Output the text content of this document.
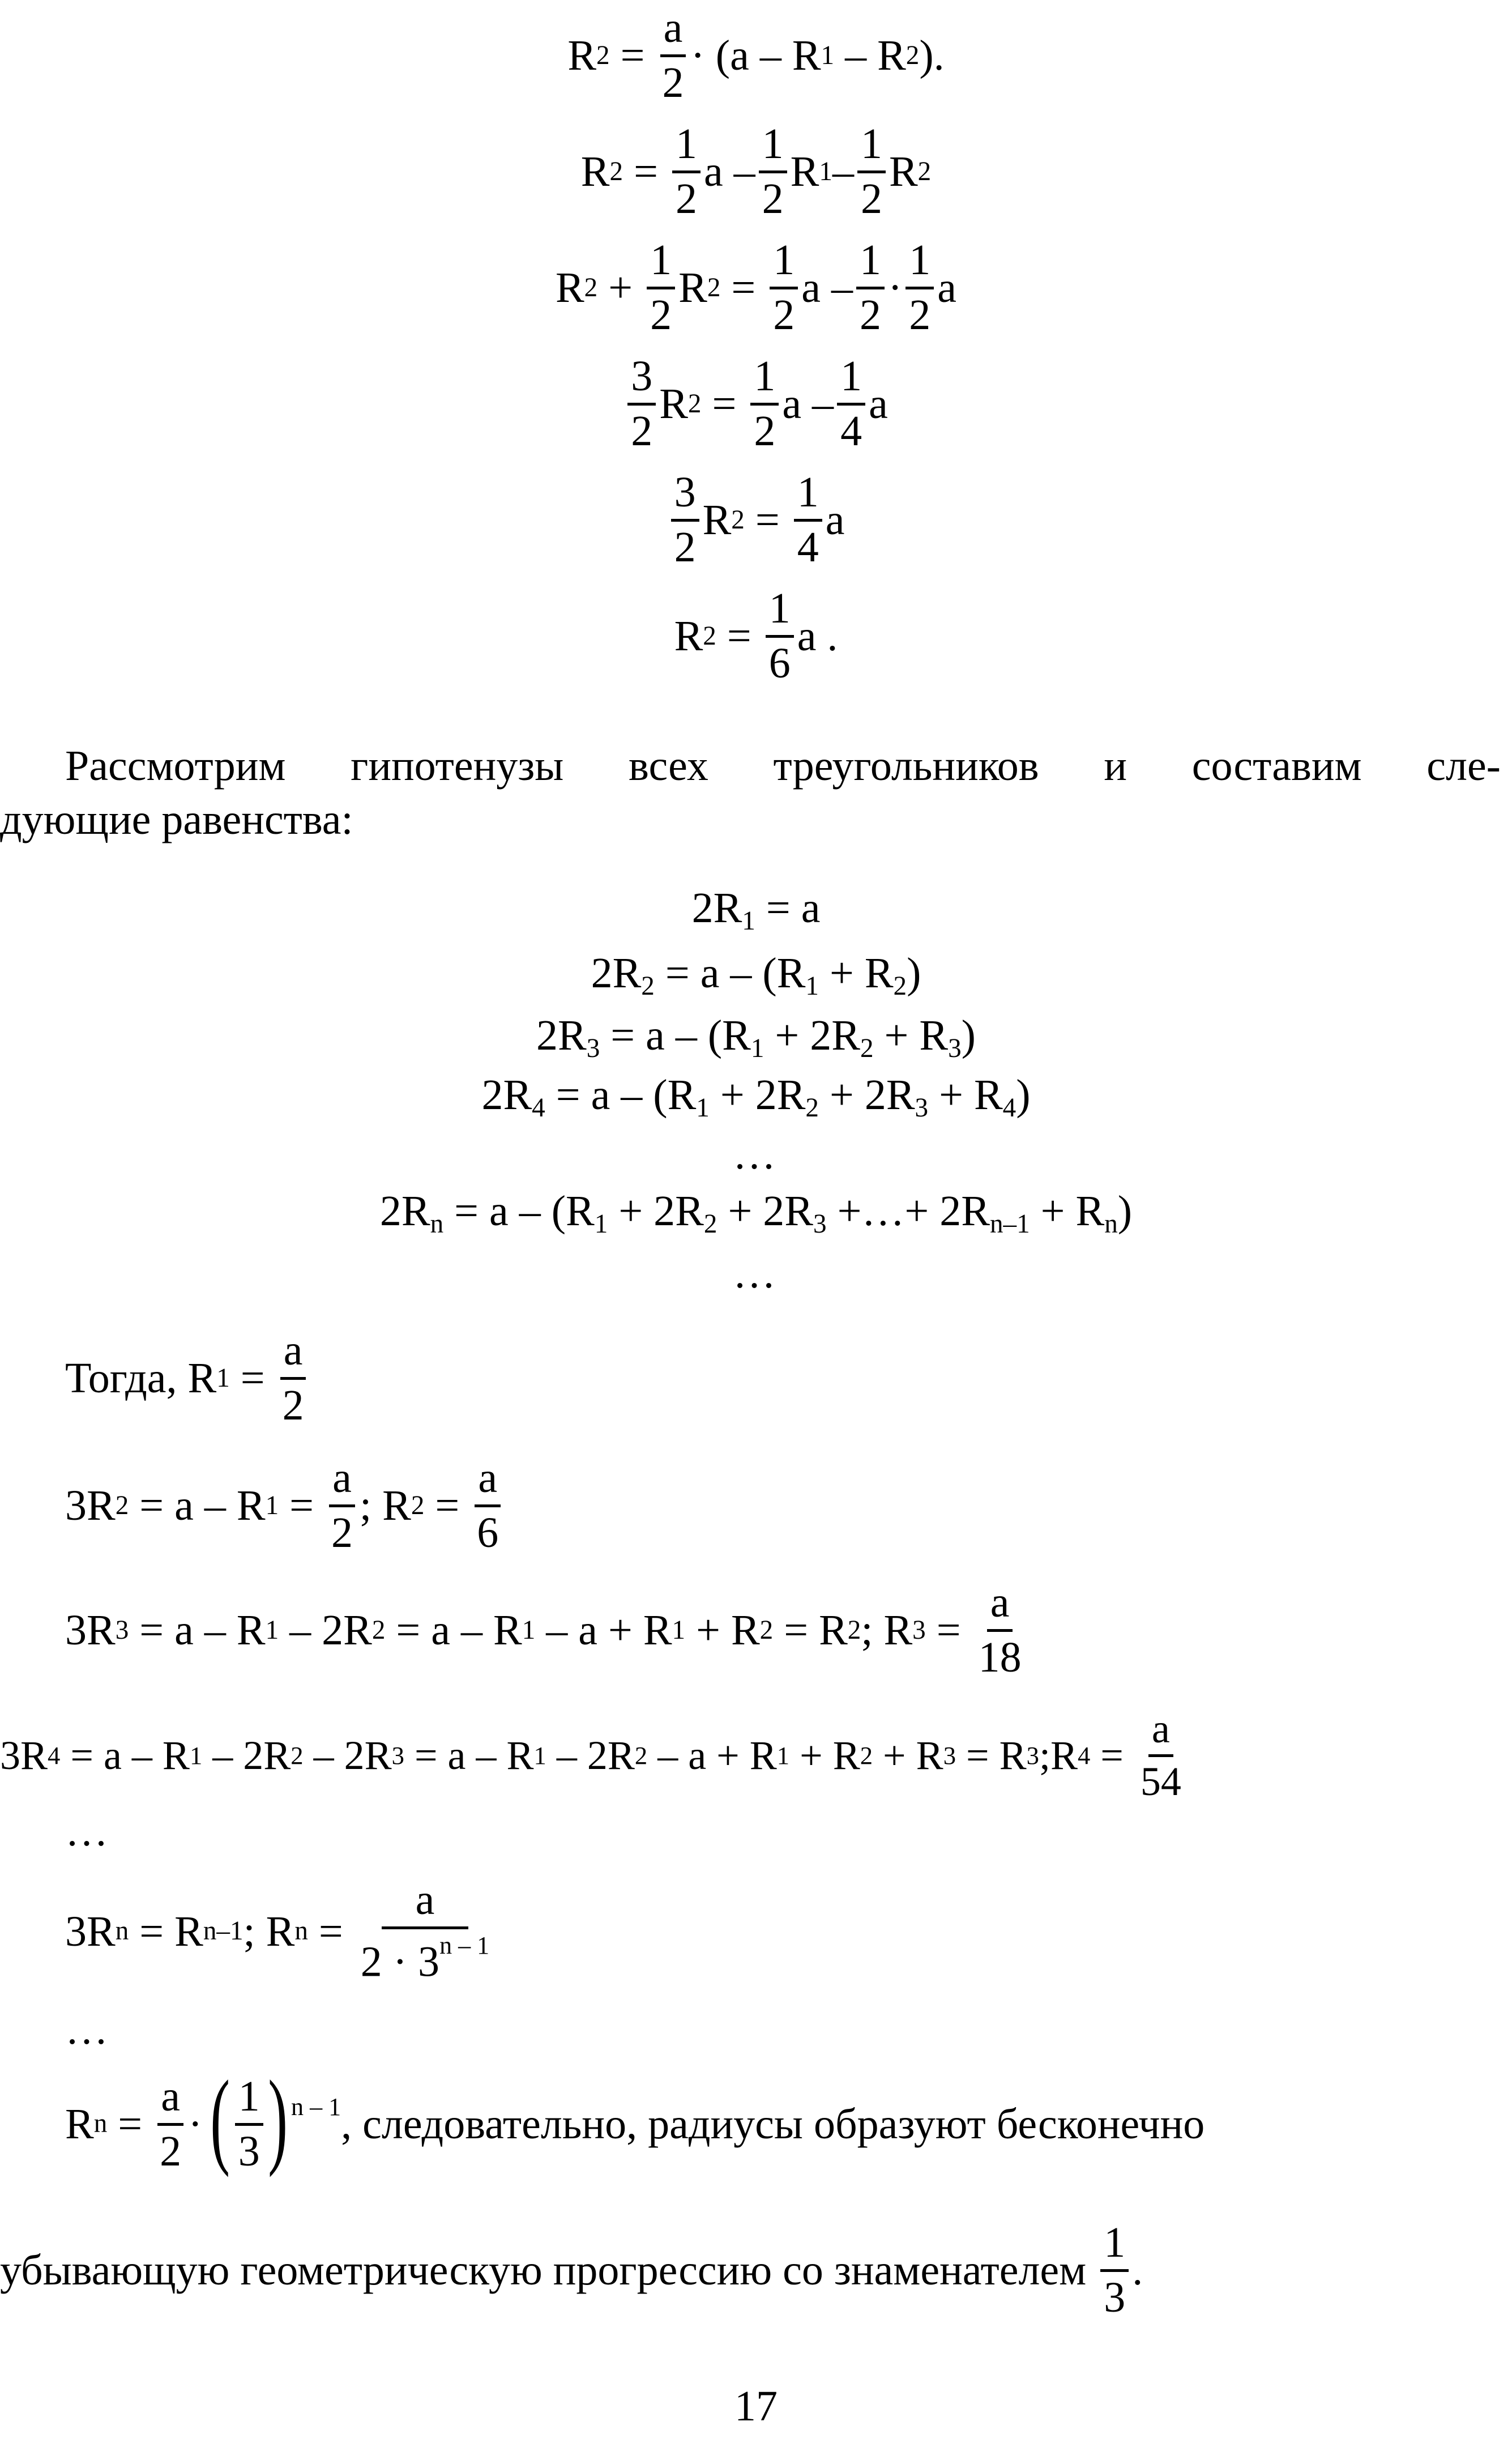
R $2 = \frac{a}{2} \cdot (a - R$ 1 – R 2 ).
R $2 = \frac{1}{2}$ a – $\frac{1}{2}$ R $1 - \frac{1}{2}$ R 2
R $2 + \frac{1}{2}$ R $2 = \frac{1}{2}$ $a - \frac{1}{2} \cdot \frac{1}{2}$ a
$\frac{3}{2}$ R $2 = \frac{1}{2}$ a – $\frac{1}{4}$ a
$\frac{3}{2}$ R $2 = \frac{1}{4}$ a
R $2 = \frac{1}{6}$ a .
Рассмотрим гипотенузы всех треугольников и составим сле-
дующие равенства:
$2R_1 = a$
$2R_2 = a - (R_1 + R_2)$
$2R_3 = a - (R_1 + 2R_2 + R_3)$
$2R_4 = a - (R_1 + 2R_2 + 2R_3 + R_4)$
…
$2R_n = a - (R_1 + 2R_2 + 2R_3$ +…+ $2R_{n-1} + R_n$)
…
Тогда, R $1 = \frac{a}{2}$
3R 2 = a – R $1 = \frac{a}{2}$ ; R $2 = \frac{a}{6}$
3R 3 = a – R 1 – 2R 2 = a – R 1 – a + R 1 + R 2 = R 2 ; R $3 = \frac{a}{18}$
3R 4 = a – R 1 – 2R 2 – 2R 3 = a – R 1 – 2R 2 – a + R 1 + R 2 + R 3 = R 3 ;R $4 = \frac{a}{54}$
…
3R n = R n–1 ; R $n = \frac{a}{2 \cdot 3^{n - 1}}$
…
R $n = \frac{a}{2}$ · ( $\frac{1}{3} )^{n - 1}$ , следовательно, радиусы образуют бесконечно
убывающую геометрическую прогрессию со знаменателем $\frac{1}{3}$ .
17
